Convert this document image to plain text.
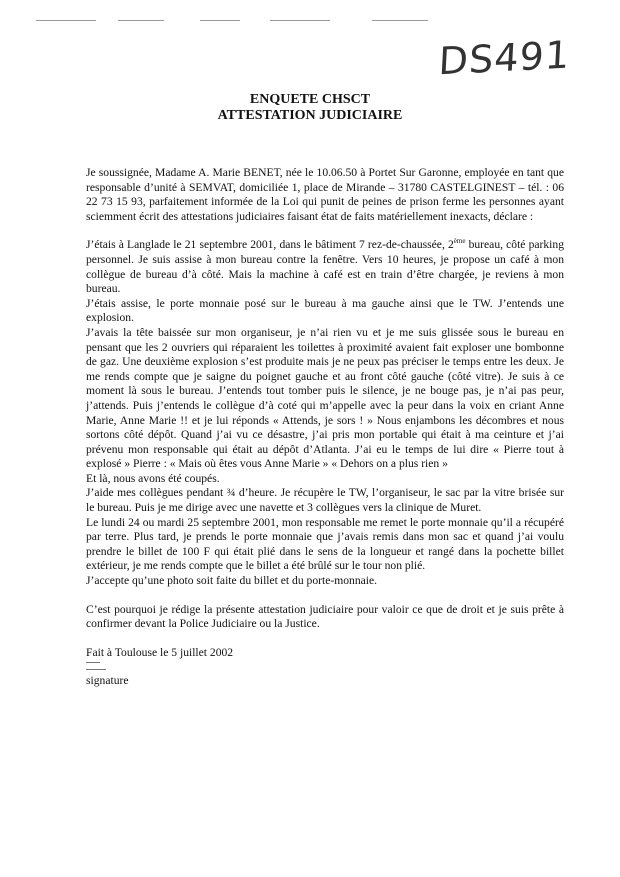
DS491
ENQUETE CHSCT
ATTESTATION JUDICIAIRE

Je soussignée, Madame A. Marie BENET, née le 10.06.50 à Portet Sur Garonne, employée en tant que responsable d’unité à SEMVAT, domiciliée 1, place de Mirande – 31780 CASTELGINEST – tél. : 06 22 73 15 93, parfaitement informée de la Loi qui punit de peines de prison ferme les personnes ayant sciemment écrit des attestations judiciaires faisant état de faits matériellement inexacts, déclare :

J’étais à Langlade le 21 septembre 2001, dans le bâtiment 7 rez-de-chaussée, 2ème bureau, côté parking personnel. Je suis assise à mon bureau contre la fenêtre. Vers 10 heures, je propose un café à mon collègue de bureau d’à côté. Mais la machine à café est en train d’être chargée, je reviens à mon bureau.

J’étais assise, le porte monnaie posé sur le bureau à ma gauche ainsi que le TW. J’entends une explosion.

J’avais la tête baissée sur mon organiseur, je n’ai rien vu et je me suis glissée sous le bureau en pensant que les 2 ouvriers qui réparaient les toilettes à proximité avaient fait exploser une bombonne de gaz. Une deuxième explosion s’est produite mais je ne peux pas préciser le temps entre les deux. Je me rends compte que je saigne du poignet gauche et au front côté gauche (côté vitre). Je suis à ce moment là sous le bureau. J’entends tout tomber puis le silence, je ne bouge pas, je n’ai pas peur, j’attends. Puis j’entends le collègue d’à coté qui m’appelle avec la peur dans la voix en criant Anne Marie, Anne Marie !! et je lui réponds « Attends, je sors ! » Nous enjambons les décombres et nous sortons côté dépôt. Quand j’ai vu ce désastre, j’ai pris mon portable qui était à ma ceinture et j’ai prévenu mon responsable qui était au dépôt d’Atlanta. J’ai eu le temps de lui dire « Pierre tout à explosé » Pierre : « Mais où êtes vous Anne Marie » « Dehors on a plus rien »

Et là, nous avons été coupés.

J’aide mes collègues pendant ¾ d’heure. Je récupère le TW, l’organiseur, le sac par la vitre brisée sur le bureau. Puis je me dirige avec une navette et 3 collègues vers la clinique de Muret.

Le lundi 24 ou mardi 25 septembre 2001, mon responsable me remet le porte monnaie qu’il a récupéré par terre. Plus tard, je prends le porte monnaie que j’avais remis dans mon sac et quand j’ai voulu prendre le billet de 100 F qui était plié dans le sens de la longueur et rangé dans la pochette billet extérieur, je me rends compte que le billet a été brûlé sur le tour non plié.

J’accepte qu’une photo soit faite du billet et du porte-monnaie.

C’est pourquoi je rédige la présente attestation judiciaire pour valoir ce que de droit et je suis prête à confirmer devant la Police Judiciaire ou la Justice.

Fait à Toulouse le 5 juillet 2002

signature
